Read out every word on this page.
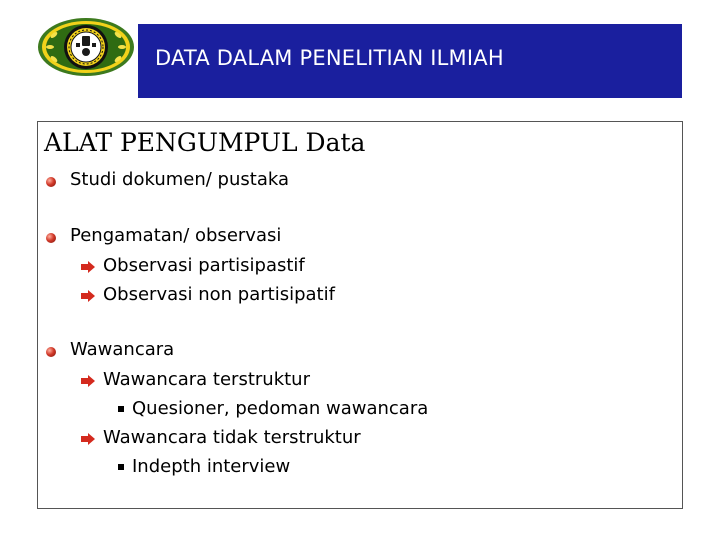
DATA DALAM PENELITIAN ILMIAH
ALAT PENGUMPUL Data
Studi dokumen/ pustaka
Pengamatan/ observasi
Observasi partisipastif
Observasi non partisipatif
Wawancara
Wawancara terstruktur
Quesioner, pedoman wawancara
Wawancara tidak terstruktur
Indepth interview
